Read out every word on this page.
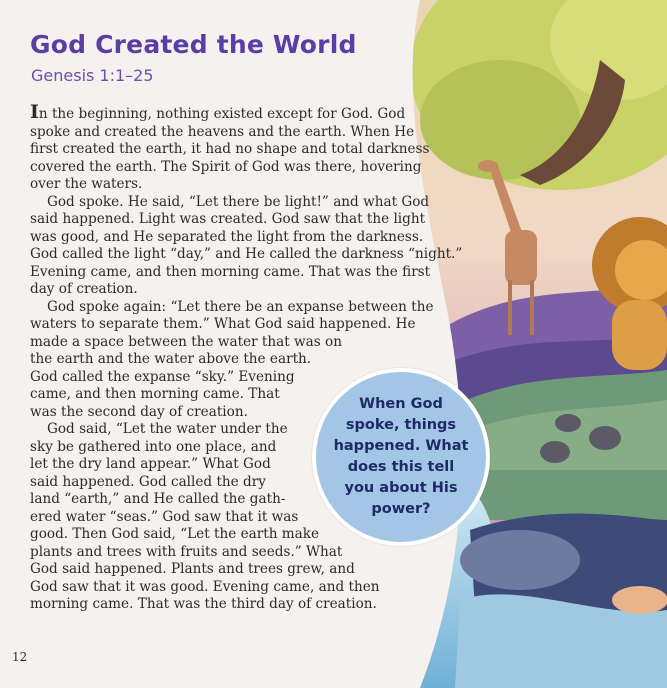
God Created the World
Genesis 1:1–25
In the beginning, nothing existed except for God. God
spoke and created the heavens and the earth. When He
first created the earth, it had no shape and total darkness
covered the earth. The Spirit of God was there, hovering
over the waters.
God spoke. He said, “Let there be light!” and what God
said happened. Light was created. God saw that the light
was good, and He separated the light from the darkness.
God called the light “day,” and He called the darkness “night.”
Evening came, and then morning came. That was the first
day of creation.
God spoke again: “Let there be an expanse between the
waters to separate them.” What God said happened. He
made a space between the water that was on
the earth and the water above the earth.
God called the expanse “sky.” Evening
came, and then morning came. That
was the second day of creation.
God said, “Let the water under the
sky be gathered into one place, and
let the dry land appear.” What God
said happened. God called the dry
land “earth,” and He called the gath-
ered water “seas.” God saw that it was
good. Then God said, “Let the earth make
plants and trees with fruits and seeds.” What
God said happened. Plants and trees grew, and
God saw that it was good. Evening came, and then
morning came. That was the third day of creation.
When God
spoke, things
happened. What
does this tell
you about His
power?
12
